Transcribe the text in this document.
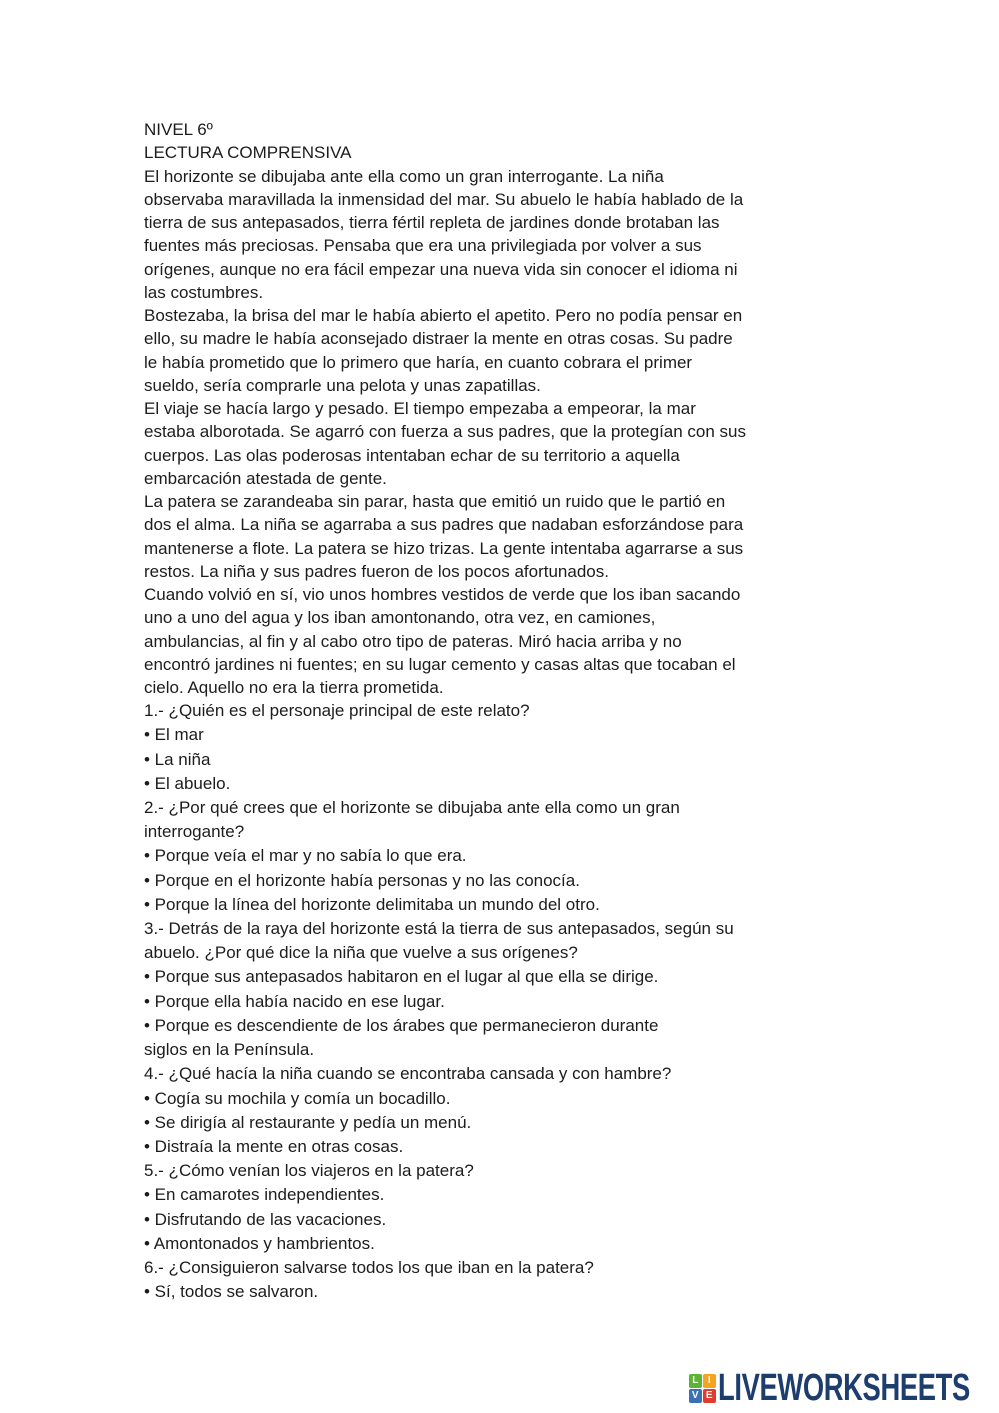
NIVEL 6º
LECTURA COMPRENSIVA
El horizonte se dibujaba ante ella como un gran interrogante. La niña
observaba maravillada la inmensidad del mar. Su abuelo le había hablado de la
tierra de sus antepasados, tierra fértil repleta de jardines donde brotaban las
fuentes más preciosas. Pensaba que era una privilegiada por volver a sus
orígenes, aunque no era fácil empezar una nueva vida sin conocer el idioma ni
las costumbres.
Bostezaba, la brisa del mar le había abierto el apetito. Pero no podía pensar en
ello, su madre le había aconsejado distraer la mente en otras cosas. Su padre
le había prometido que lo primero que haría, en cuanto cobrara el primer
sueldo, sería comprarle una pelota y unas zapatillas.
El viaje se hacía largo y pesado. El tiempo empezaba a empeorar, la mar
estaba alborotada. Se agarró con fuerza a sus padres, que la protegían con sus
cuerpos. Las olas poderosas intentaban echar de su territorio a aquella
embarcación atestada de gente.
La patera se zarandeaba sin parar, hasta que emitió un ruido que le partió en
dos el alma. La niña se agarraba a sus padres que nadaban esforzándose para
mantenerse a flote. La patera se hizo trizas. La gente intentaba agarrarse a sus
restos. La niña y sus padres fueron de los pocos afortunados.
Cuando volvió en sí, vio unos hombres vestidos de verde que los iban sacando
uno a uno del agua y los iban amontonando, otra vez, en camiones,
ambulancias, al fin y al cabo otro tipo de pateras. Miró hacia arriba y no
encontró jardines ni fuentes; en su lugar cemento y casas altas que tocaban el
cielo. Aquello no era la tierra prometida.
1.- ¿Quién es el personaje principal de este relato?
• El mar
• La niña
• El abuelo.
2.- ¿Por qué crees que el horizonte se dibujaba ante ella como un gran
interrogante?
• Porque veía el mar y no sabía lo que era.
• Porque en el horizonte había personas y no las conocía.
• Porque la línea del horizonte delimitaba un mundo del otro.
3.- Detrás de la raya del horizonte está la tierra de sus antepasados, según su
abuelo. ¿Por qué dice la niña que vuelve a sus orígenes?
• Porque sus antepasados habitaron en el lugar al que ella se dirige.
• Porque ella había nacido en ese lugar.
• Porque es descendiente de los árabes que permanecieron durante
siglos en la Península.
4.- ¿Qué hacía la niña cuando se encontraba cansada y con hambre?
• Cogía su mochila y comía un bocadillo.
• Se dirigía al restaurante y pedía un menú.
• Distraía la mente en otras cosas.
5.- ¿Cómo venían los viajeros en la patera?
• En camarotes independientes.
• Disfrutando de las vacaciones.
• Amontonados y hambrientos.
6.- ¿Consiguieron salvarse todos los que iban en la patera?
• Sí, todos se salvaron.
L I
V E LIVEWORKSHEETS
